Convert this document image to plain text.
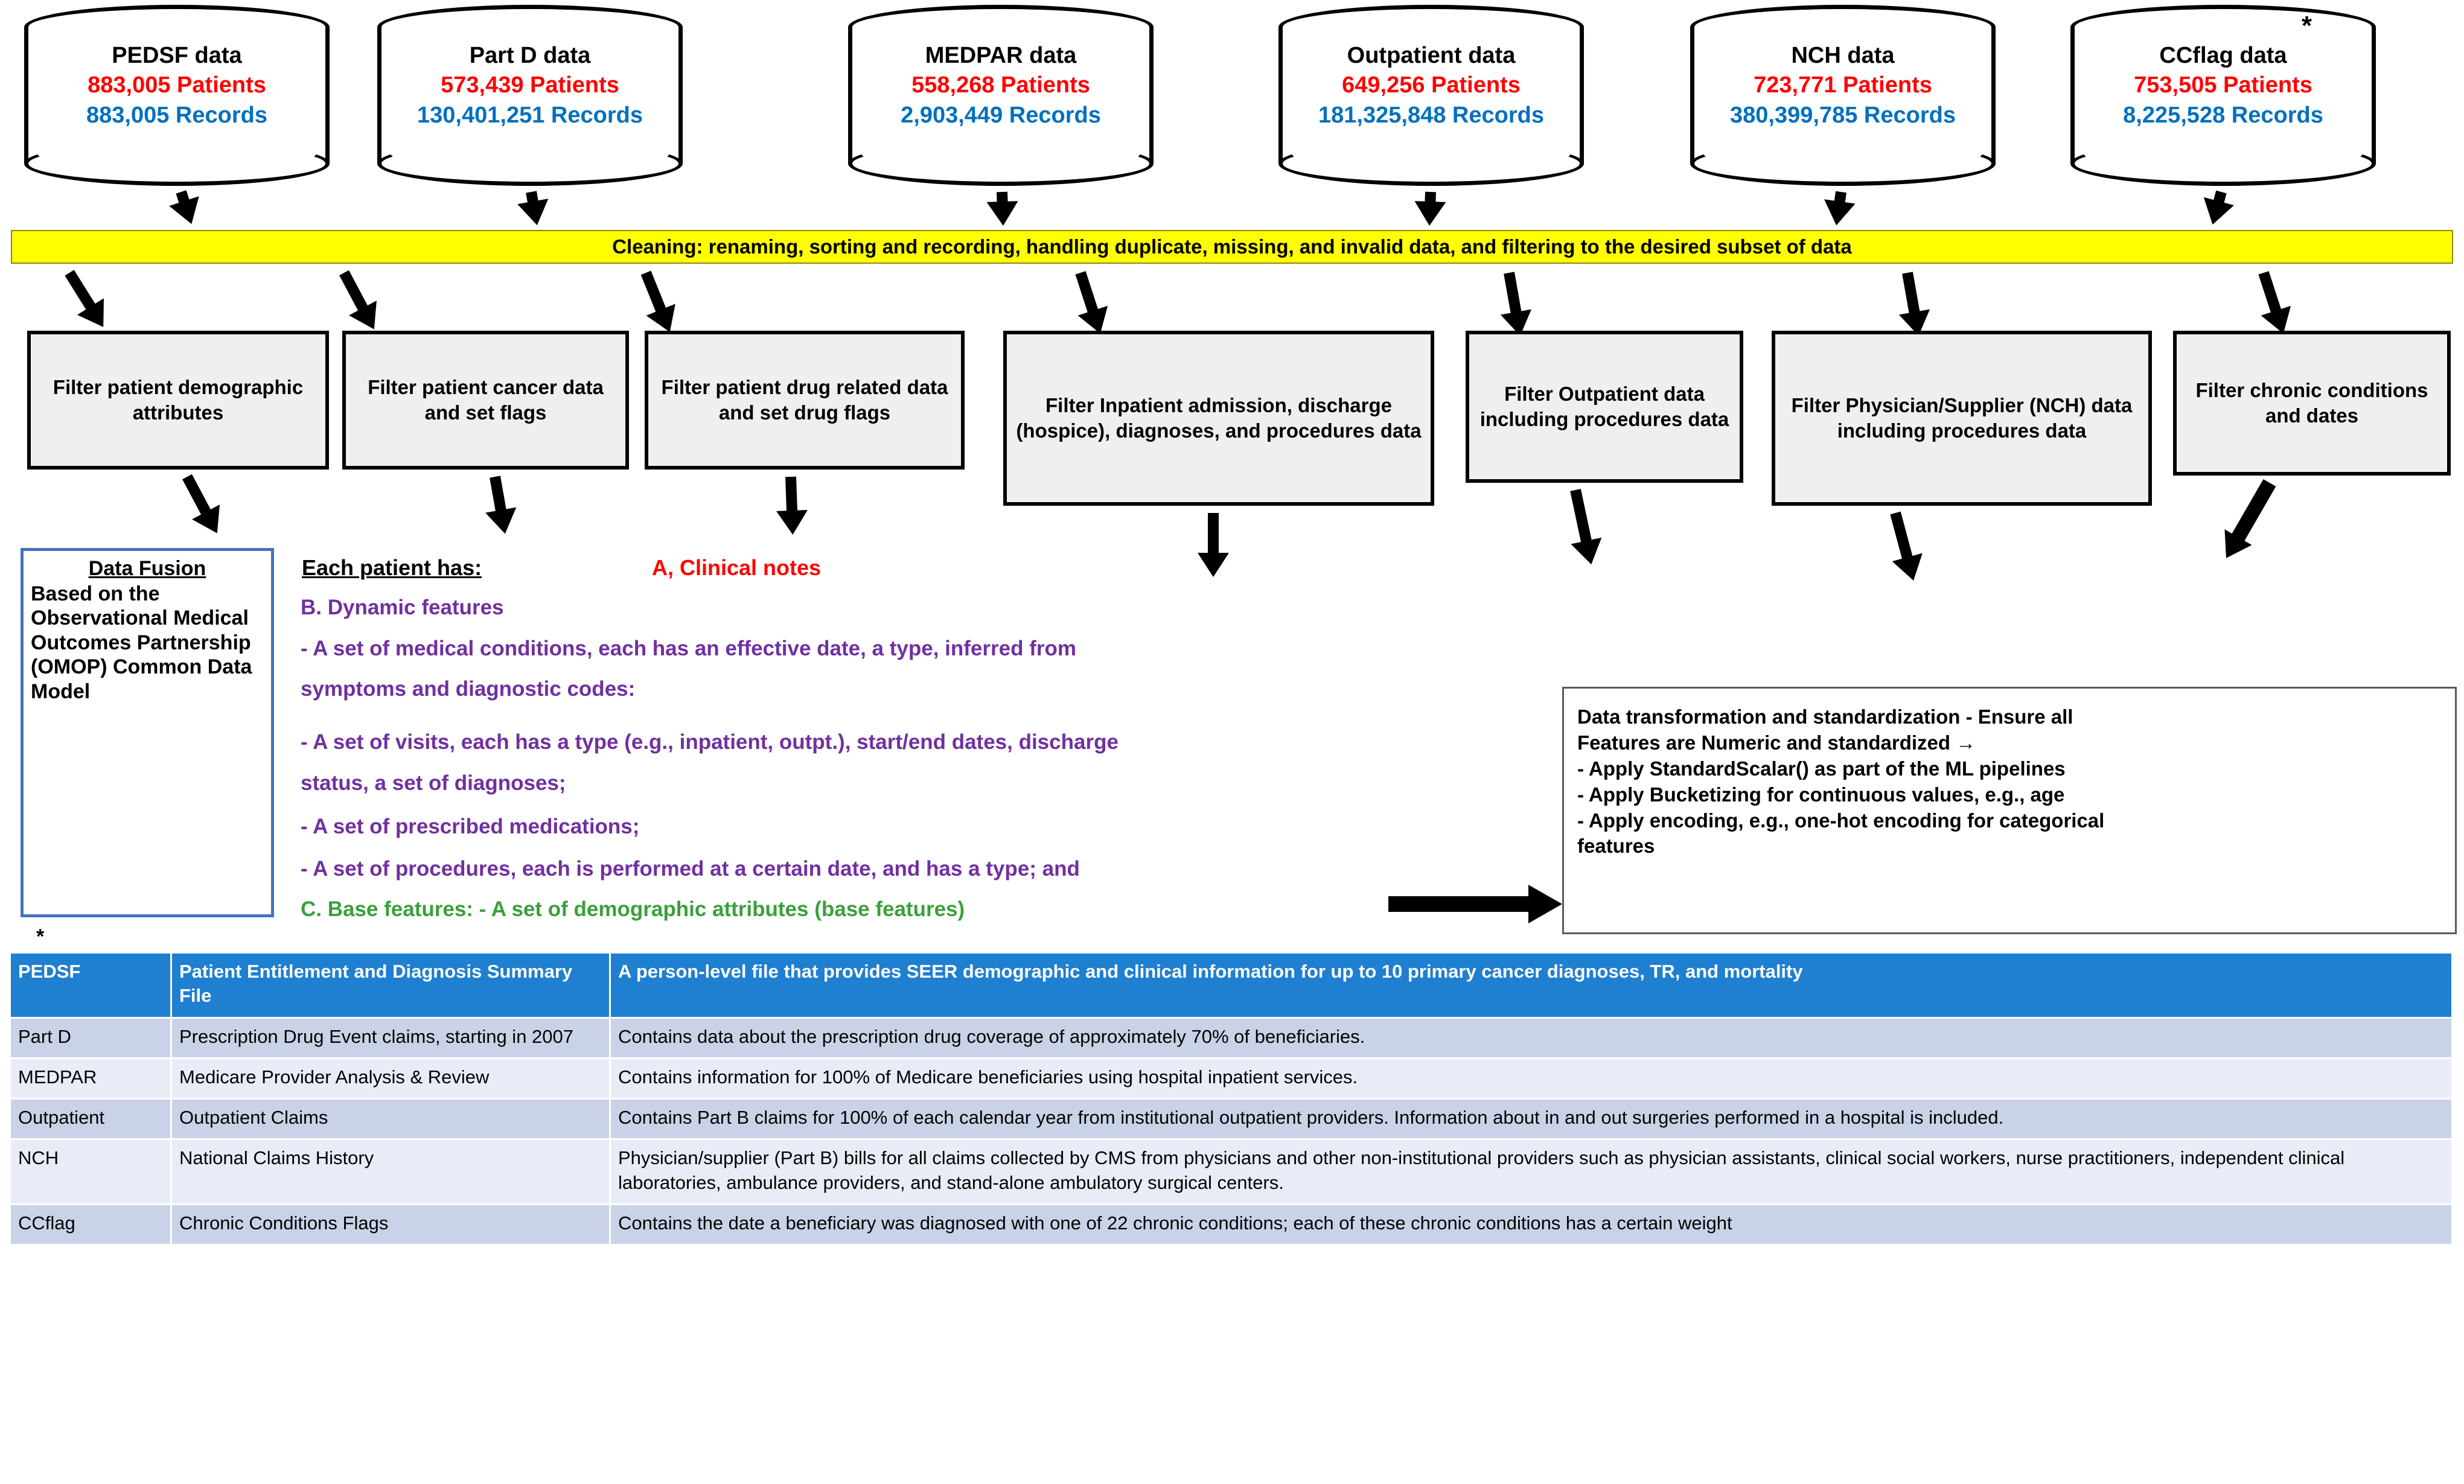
PEDSF data
883,005 Patients
883,005 Records
Part D data
573,439 Patients
130,401,251 Records
MEDPAR data
558,268 Patients
2,903,449 Records
Outpatient data
649,256 Patients
181,325,848 Records
NCH data
723,771 Patients
380,399,785 Records
*
CCflag data
753,505 Patients
8,225,528 Records
Cleaning: renaming, sorting and recording, handling duplicate, missing, and invalid data, and filtering to the desired subset of data
Filter patient demographic attributes
Filter patient cancer data and set flags
Filter patient drug related data and set drug flags	Filter Inpatient admission, discharge (hospice), diagnoses, and procedures data
Filter Outpatient data including procedures data
Filter Physician/Supplier (NCH) data including procedures data
Filter chronic conditions and dates
Data Fusion
Based on the Observational Medical Outcomes Partnership (OMOP) Common Data Model
*
Each patient has:	A, Clinical notes
B. Dynamic features
- A set of medical conditions, each has an effective date, a type, inferred from
symptoms and diagnostic codes:
- A set of visits, each has a type (e.g., inpatient, outpt.), start/end dates, discharge
status, a set of diagnoses;
- A set of prescribed medications;
- A set of procedures, each is performed at a certain date, and has a type; and
C. Base features: - A set of demographic attributes (base features)
Data transformation and standardization - Ensure all
Features are Numeric and standardized →
- Apply StandardScalar() as part of the ML pipelines
- Apply Bucketizing for continuous values, e.g., age
- Apply encoding, e.g., one-hot encoding for categorical
features
PEDSF	Patient Entitlement and Diagnosis Summary File	A person-level file that provides SEER demographic and clinical information for up to 10 primary cancer diagnoses, TR, and mortality
Part D	Prescription Drug Event claims, starting in 2007	Contains data about the prescription drug coverage of approximately 70% of beneficiaries.
MEDPAR	Medicare Provider Analysis & Review	Contains information for 100% of Medicare beneficiaries using hospital inpatient services.
Outpatient	Outpatient Claims	Contains Part B claims for 100% of each calendar year from institutional outpatient providers. Information about in and out surgeries performed in a hospital is included.
NCH	National Claims History	Physician/supplier (Part B) bills for all claims collected by CMS from physicians and other non-institutional providers such as physician assistants, clinical social workers, nurse practitioners, independent clinical laboratories, ambulance providers, and stand-alone ambulatory surgical centers.
CCflag	Chronic Conditions Flags	Contains the date a beneficiary was diagnosed with one of 22 chronic conditions; each of these chronic conditions has a certain weight
